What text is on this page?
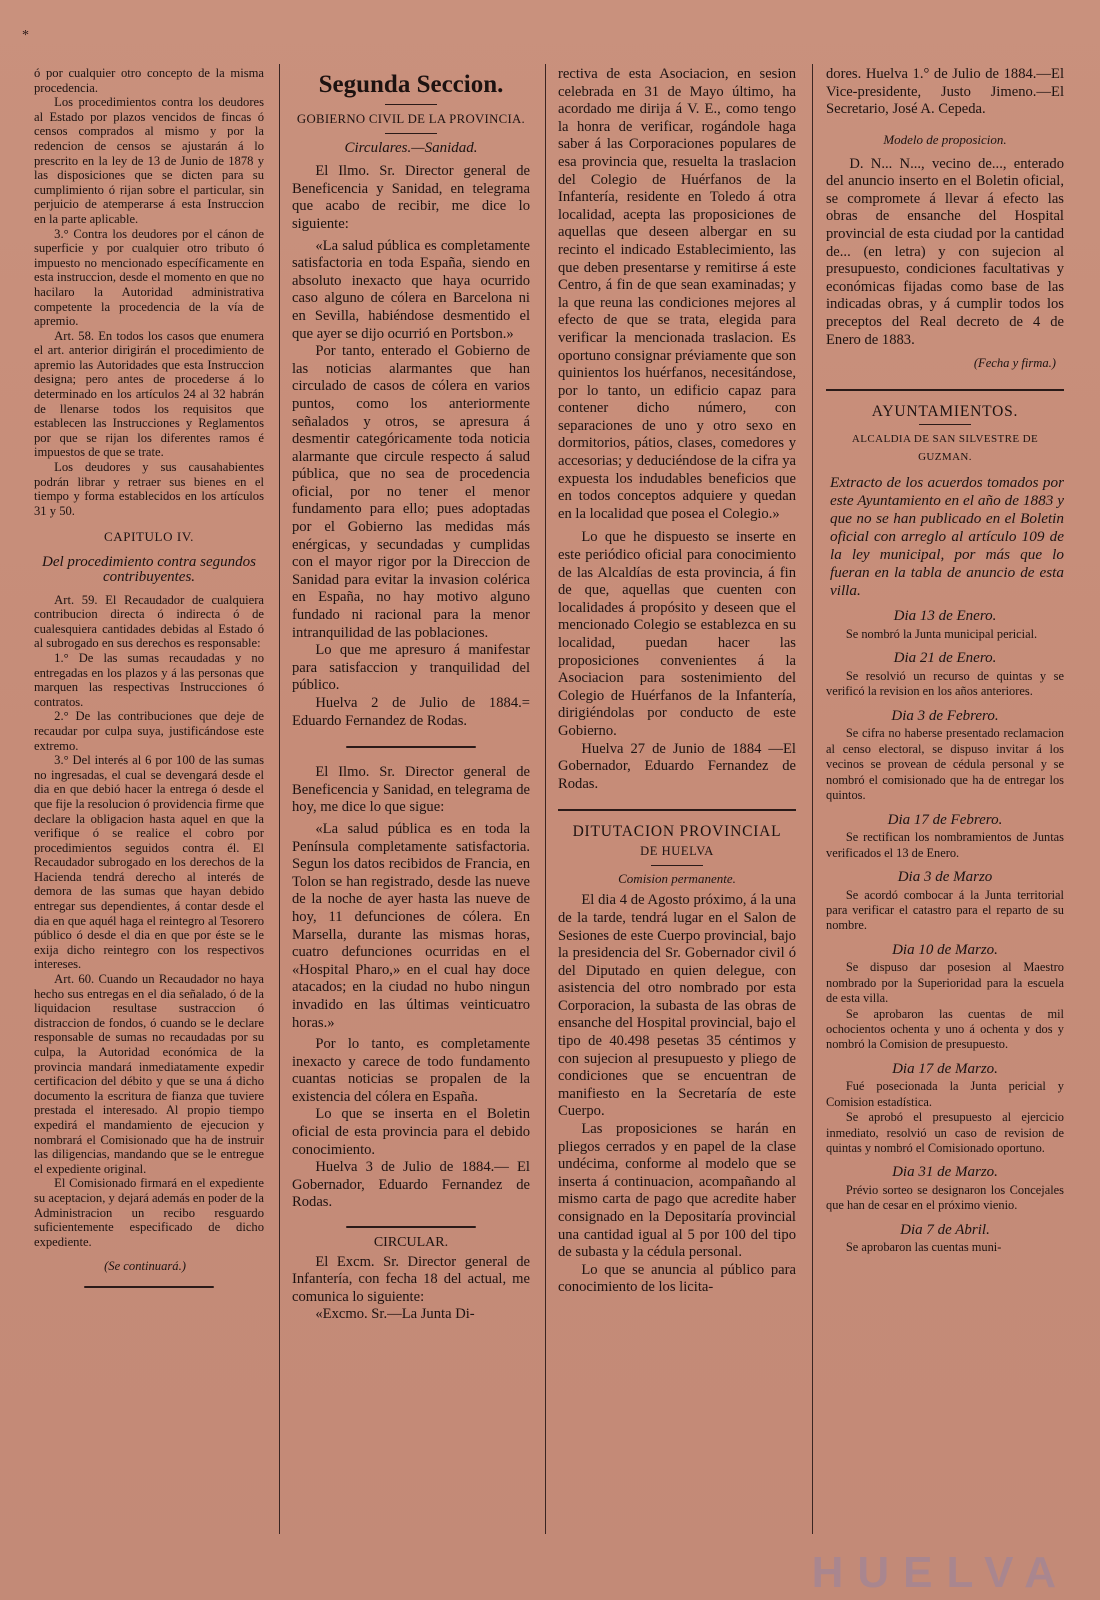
*

ó por cualquier otro concepto de la misma procedencia.

Los procedimientos contra los deudores al Estado por plazos vencidos de fincas ó censos comprados al mismo y por la redencion de censos se ajustarán á lo prescrito en la ley de 13 de Junio de 1878 y las disposiciones que se dicten para su cumplimiento ó rijan sobre el particular, sin perjuicio de atemperarse á esta Instruccion en la parte aplicable.

3.° Contra los deudores por el cánon de superficie y por cualquier otro tributo ó impuesto no mencionado específicamente en esta instruccion, desde el momento en que no hacilaro la Autoridad administrativa competente la procedencia de la vía de apremio.

Art. 58. En todos los casos que enumera el art. anterior dirigirán el procedimiento de apremio las Autoridades que esta Instruccion designa; pero antes de procederse á lo determinado en los artículos 24 al 32 habrán de llenarse todos los requisitos que establecen las Instrucciones y Reglamentos por que se rijan los diferentes ramos é impuestos de que se trate.

Los deudores y sus causahabientes podrán librar y retraer sus bienes en el tiempo y forma establecidos en los artículos 31 y 50.

CAPITULO IV.
Del procedimiento contra segundos contribuyentes.

Art. 59. El Recaudador de cualquiera contribucion directa ó indirecta ó de cualesquiera cantidades debidas al Estado ó al subrogado en sus derechos es responsable:

1.° De las sumas recaudadas y no entregadas en los plazos y á las personas que marquen las respectivas Instrucciones ó contratos.

2.° De las contribuciones que deje de recaudar por culpa suya, justificándose este extremo.

3.° Del interés al 6 por 100 de las sumas no ingresadas, el cual se devengará desde el dia en que debió hacer la entrega ó desde el que fije la resolucion ó providencia firme que declare la obligacion hasta aquel en que la verifique ó se realice el cobro por procedimientos seguidos contra él. El Recaudador subrogado en los derechos de la Hacienda tendrá derecho al interés de demora de las sumas que hayan debido entregar sus dependientes, á contar desde el dia en que aquél haga el reintegro al Tesorero público ó desde el dia en que por éste se le exija dicho reintegro con los respectivos intereses.

Art. 60. Cuando un Recaudador no haya hecho sus entregas en el dia señalado, ó de la liquidacion resultase sustraccion ó distraccion de fondos, ó cuando se le declare responsable de sumas no recaudadas por su culpa, la Autoridad económica de la provincia mandará inmediatamente expedir certificacion del débito y que se una á dicho documento la escritura de fianza que tuviere prestada el interesado. Al propio tiempo expedirá el mandamiento de ejecucion y nombrará el Comisionado que ha de instruir las diligencias, mandando que se le entregue el expediente original.

El Comisionado firmará en el expediente su aceptacion, y dejará además en poder de la Administracion un recibo resguardo suficientemente especificado de dicho expediente.

(Se continuará.)
Segunda Seccion.
GOBIERNO CIVIL DE LA PROVINCIA.
Circulares.—Sanidad.

El Ilmo. Sr. Director general de Beneficencia y Sanidad, en telegrama que acabo de recibir, me dice lo siguiente:

«La salud pública es completamente satisfactoria en toda España, siendo en absoluto inexacto que haya ocurrido caso alguno de cólera en Barcelona ni en Sevilla, habiéndose desmentido el que ayer se dijo ocurrió en Portsbon.»

Por tanto, enterado el Gobierno de las noticias alarmantes que han circulado de casos de cólera en varios puntos, como los anteriormente señalados y otros, se apresura á desmentir categóricamente toda noticia alarmante que circule respecto á salud pública, que no sea de procedencia oficial, por no tener el menor fundamento para ello; pues adoptadas por el Gobierno las medidas más enérgicas, y secundadas y cumplidas con el mayor rigor por la Direccion de Sanidad para evitar la invasion colérica en España, no hay motivo alguno fundado ni racional para la menor intranquilidad de las poblaciones.

Lo que me apresuro á manifestar para satisfaccion y tranquilidad del público.

Huelva 2 de Julio de 1884.= Eduardo Fernandez de Rodas.

El Ilmo. Sr. Director general de Beneficencia y Sanidad, en telegrama de hoy, me dice lo que sigue:

«La salud pública es en toda la Península completamente satisfactoria. Segun los datos recibidos de Francia, en Tolon se han registrado, desde las nueve de la noche de ayer hasta las nueve de hoy, 11 defunciones de cólera. En Marsella, durante las mismas horas, cuatro defunciones ocurridas en el «Hospital Pharo,» en el cual hay doce atacados; en la ciudad no hubo ningun invadido en las últimas veinticuatro horas.»

Por lo tanto, es completamente inexacto y carece de todo fundamento cuantas noticias se propalen de la existencia del cólera en España.

Lo que se inserta en el Boletin oficial de esta provincia para el debido conocimiento.

Huelva 3 de Julio de 1884.— El Gobernador, Eduardo Fernandez de Rodas.

CIRCULAR.

El Excm. Sr. Director general de Infantería, con fecha 18 del actual, me comunica lo siguiente:

«Excmo. Sr.—La Junta Di-

rectiva de esta Asociacion, en sesion celebrada en 31 de Mayo último, ha acordado me dirija á V. E., como tengo la honra de verificar, rogándole haga saber á las Corporaciones populares de esa provincia que, resuelta la traslacion del Colegio de Huérfanos de la Infantería, residente en Toledo á otra localidad, acepta las proposiciones de aquellas que deseen albergar en su recinto el indicado Establecimiento, las que deben presentarse y remitirse á este Centro, á fin de que sean examinadas; y la que reuna las condiciones mejores al efecto de que se trata, elegida para verificar la mencionada traslacion. Es oportuno consignar préviamente que son quinientos los huérfanos, necesitándose, por lo tanto, un edificio capaz para contener dicho número, con separaciones de uno y otro sexo en dormitorios, pátios, clases, comedores y accesorias; y deduciéndose de la cifra ya expuesta los indudables beneficios que en todos conceptos adquiere y quedan en la localidad que posea el Colegio.»

Lo que he dispuesto se inserte en este periódico oficial para conocimiento de las Alcaldías de esta provincia, á fin de que, aquellas que cuenten con localidades á propósito y deseen que el mencionado Colegio se establezca en su localidad, puedan hacer las proposiciones convenientes á la Asociacion para sostenimiento del Colegio de Huérfanos de la Infantería, dirigiéndolas por conducto de este Gobierno.

Huelva 27 de Junio de 1884 —El Gobernador, Eduardo Fernandez de Rodas.

DITUTACION PROVINCIAL
DE HUELVA
Comision permanente.

El dia 4 de Agosto próximo, á la una de la tarde, tendrá lugar en el Salon de Sesiones de este Cuerpo provincial, bajo la presidencia del Sr. Gobernador civil ó del Diputado en quien delegue, con asistencia del otro nombrado por esta Corporacion, la subasta de las obras de ensanche del Hospital provincial, bajo el tipo de 40.498 pesetas 35 céntimos y con sujecion al presupuesto y pliego de condiciones que se encuentran de manifiesto en la Secretaría de este Cuerpo.

Las proposiciones se harán en pliegos cerrados y en papel de la clase undécima, conforme al modelo que se inserta á continuacion, acompañando al mismo carta de pago que acredite haber consignado en la Depositaría provincial una cantidad igual al 5 por 100 del tipo de subasta y la cédula personal.

Lo que se anuncia al público para conocimiento de los licita-

dores. Huelva 1.° de Julio de 1884.—El Vice-presidente, Justo Jimeno.—El Secretario, José A. Cepeda.

Modelo de proposicion.

D. N... N..., vecino de..., enterado del anuncio inserto en el Boletin oficial, se compromete á llevar á efecto las obras de ensanche del Hospital provincial de esta ciudad por la cantidad de... (en letra) y con sujecion al presupuesto, condiciones facultativas y económicas fijadas como base de las indicadas obras, y á cumplir todos los preceptos del Real decreto de 4 de Enero de 1883.

(Fecha y firma.)
AYUNTAMIENTOS.
ALCALDIA DE SAN SILVESTRE DE GUZMAN.
Extracto de los acuerdos tomados por este Ayuntamiento en el año de 1883 y que no se han publicado en el Boletin oficial con arreglo al artículo 109 de la ley municipal, por más que lo fueran en la tabla de anuncio de esta villa.
Dia 13 de Enero.

Se nombró la Junta municipal pericial.

Dia 21 de Enero.

Se resolvió un recurso de quintas y se verificó la revision en los años anteriores.

Dia 3 de Febrero.

Se cifra no haberse presentado reclamacion al censo electoral, se dispuso invitar á los vecinos se provean de cédula personal y se nombró el comisionado que ha de entregar los quintos.

Dia 17 de Febrero.

Se rectifican los nombramientos de Juntas verificados el 13 de Enero.

Dia 3 de Marzo

Se acordó combocar á la Junta territorial para verificar el catastro para el reparto de su nombre.

Dia 10 de Marzo.

Se dispuso dar posesion al Maestro nombrado por la Superioridad para la escuela de esta villa.

Se aprobaron las cuentas de mil ochocientos ochenta y uno á ochenta y dos y nombró la Comision de presupuesto.

Dia 17 de Marzo.

Fué posecionada la Junta pericial y Comision estadística.

Se aprobó el presupuesto al ejercicio inmediato, resolvió un caso de revision de quintas y nombró el Comisionado oportuno.

Dia 31 de Marzo.

Prévio sorteo se designaron los Concejales que han de cesar en el próximo vienio.

Dia 7 de Abril.

Se aprobaron las cuentas muni-

HUELVA
